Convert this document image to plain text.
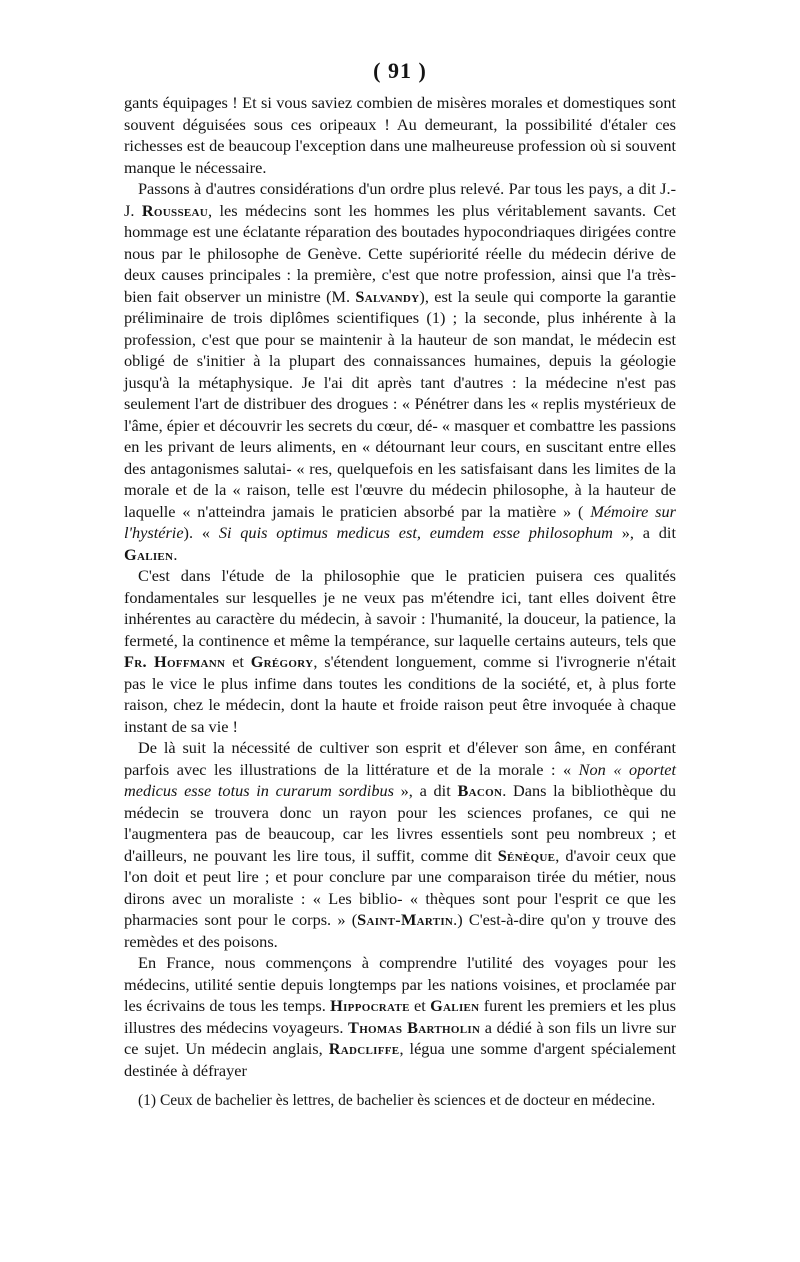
( 91 )

gants équipages ! Et si vous saviez combien de misères morales et domestiques sont souvent déguisées sous ces oripeaux ! Au demeurant, la possibilité d'étaler ces richesses est de beaucoup l'exception dans une malheureuse profession où si souvent manque le nécessaire.

Passons à d'autres considérations d'un ordre plus relevé. Par tous les pays, a dit J.-J. Rousseau, les médecins sont les hommes les plus véritablement savants. Cet hommage est une éclatante réparation des boutades hypocondriaques dirigées contre nous par le philosophe de Genève. Cette supériorité réelle du médecin dérive de deux causes principales : la première, c'est que notre profession, ainsi que l'a très-bien fait observer un ministre (M. Salvandy), est la seule qui comporte la garantie préliminaire de trois diplômes scientifiques (1) ; la seconde, plus inhérente à la profession, c'est que pour se maintenir à la hauteur de son mandat, le médecin est obligé de s'initier à la plupart des connaissances humaines, depuis la géologie jusqu'à la métaphysique. Je l'ai dit après tant d'autres : la médecine n'est pas seulement l'art de distribuer des drogues : « Pénétrer dans les « replis mystérieux de l'âme, épier et découvrir les secrets du cœur, dé- « masquer et combattre les passions en les privant de leurs aliments, en « détournant leur cours, en suscitant entre elles des antagonismes salutai- « res, quelquefois en les satisfaisant dans les limites de la morale et de la « raison, telle est l'œuvre du médecin philosophe, à la hauteur de laquelle « n'atteindra jamais le praticien absorbé par la matière » ( Mémoire sur l'hystérie). « Si quis optimus medicus est, eumdem esse philosophum », a dit Galien.

C'est dans l'étude de la philosophie que le praticien puisera ces qualités fondamentales sur lesquelles je ne veux pas m'étendre ici, tant elles doivent être inhérentes au caractère du médecin, à savoir : l'humanité, la douceur, la patience, la fermeté, la continence et même la tempérance, sur laquelle certains auteurs, tels que Fr. Hoffmann et Grégory, s'étendent longuement, comme si l'ivrognerie n'était pas le vice le plus infime dans toutes les conditions de la société, et, à plus forte raison, chez le médecin, dont la haute et froide raison peut être invoquée à chaque instant de sa vie !

De là suit la nécessité de cultiver son esprit et d'élever son âme, en conférant parfois avec les illustrations de la littérature et de la morale : « Non « oportet medicus esse totus in curarum sordibus », a dit Bacon. Dans la bibliothèque du médecin se trouvera donc un rayon pour les sciences profanes, ce qui ne l'augmentera pas de beaucoup, car les livres essentiels sont peu nombreux ; et d'ailleurs, ne pouvant les lire tous, il suffit, comme dit Sénèque, d'avoir ceux que l'on doit et peut lire ; et pour conclure par une comparaison tirée du métier, nous dirons avec un moraliste : « Les biblio- « thèques sont pour l'esprit ce que les pharmacies sont pour le corps. » (Saint-Martin.) C'est-à-dire qu'on y trouve des remèdes et des poisons.

En France, nous commençons à comprendre l'utilité des voyages pour les médecins, utilité sentie depuis longtemps par les nations voisines, et proclamée par les écrivains de tous les temps. Hippocrate et Galien furent les premiers et les plus illustres des médecins voyageurs. Thomas Bartholin a dédié à son fils un livre sur ce sujet. Un médecin anglais, Radcliffe, légua une somme d'argent spécialement destinée à défrayer

(1) Ceux de bachelier ès lettres, de bachelier ès sciences et de docteur en médecine.
